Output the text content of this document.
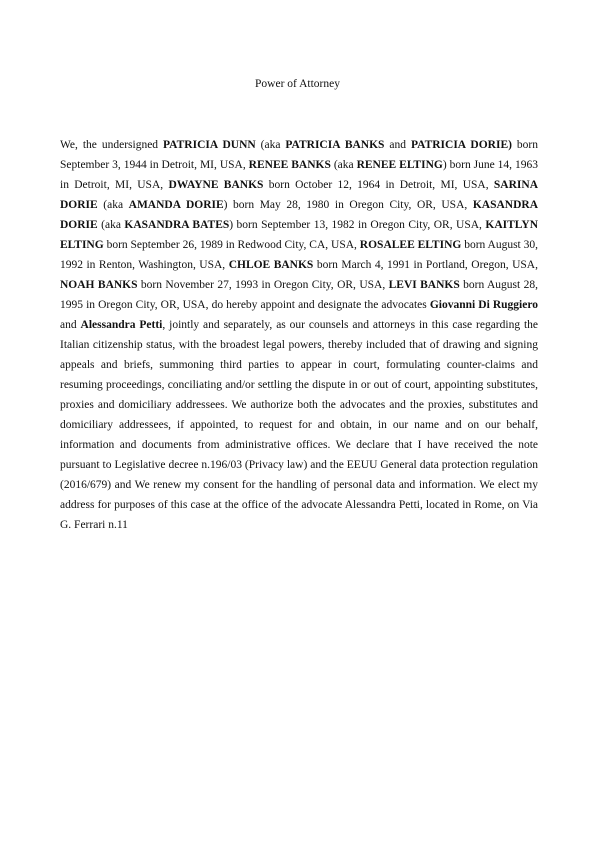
Power of Attorney
We, the undersigned PATRICIA DUNN (aka PATRICIA BANKS and PATRICIA DORIE) born September 3, 1944 in Detroit, MI, USA, RENEE BANKS (aka RENEE ELTING) born June 14, 1963 in Detroit, MI, USA, DWAYNE BANKS born October 12, 1964 in Detroit, MI, USA, SARINA DORIE (aka AMANDA DORIE) born May 28, 1980 in Oregon City, OR, USA, KASANDRA DORIE (aka KASANDRA BATES) born September 13, 1982 in Oregon City, OR, USA, KAITLYN ELTING born September 26, 1989 in Redwood City, CA, USA, ROSALEE ELTING born August 30, 1992 in Renton, Washington, USA, CHLOE BANKS born March 4, 1991 in Portland, Oregon, USA, NOAH BANKS born November 27, 1993 in Oregon City, OR, USA, LEVI BANKS born August 28, 1995 in Oregon City, OR, USA, do hereby appoint and designate the advocates Giovanni Di Ruggiero and Alessandra Petti, jointly and separately, as our counsels and attorneys in this case regarding the Italian citizenship status, with the broadest legal powers, thereby included that of drawing and signing appeals and briefs, summoning third parties to appear in court, formulating counter-claims and resuming proceedings, conciliating and/or settling the dispute in or out of court, appointing substitutes, proxies and domiciliary addressees. We authorize both the advocates and the proxies, substitutes and domiciliary addressees, if appointed, to request for and obtain, in our name and on our behalf, information and documents from administrative offices. We declare that I have received the note pursuant to Legislative decree n.196/03 (Privacy law) and the EEUU General data protection regulation (2016/679) and We renew my consent for the handling of personal data and information. We elect my address for purposes of this case at the office of the advocate Alessandra Petti, located in Rome, on Via G. Ferrari n.11
